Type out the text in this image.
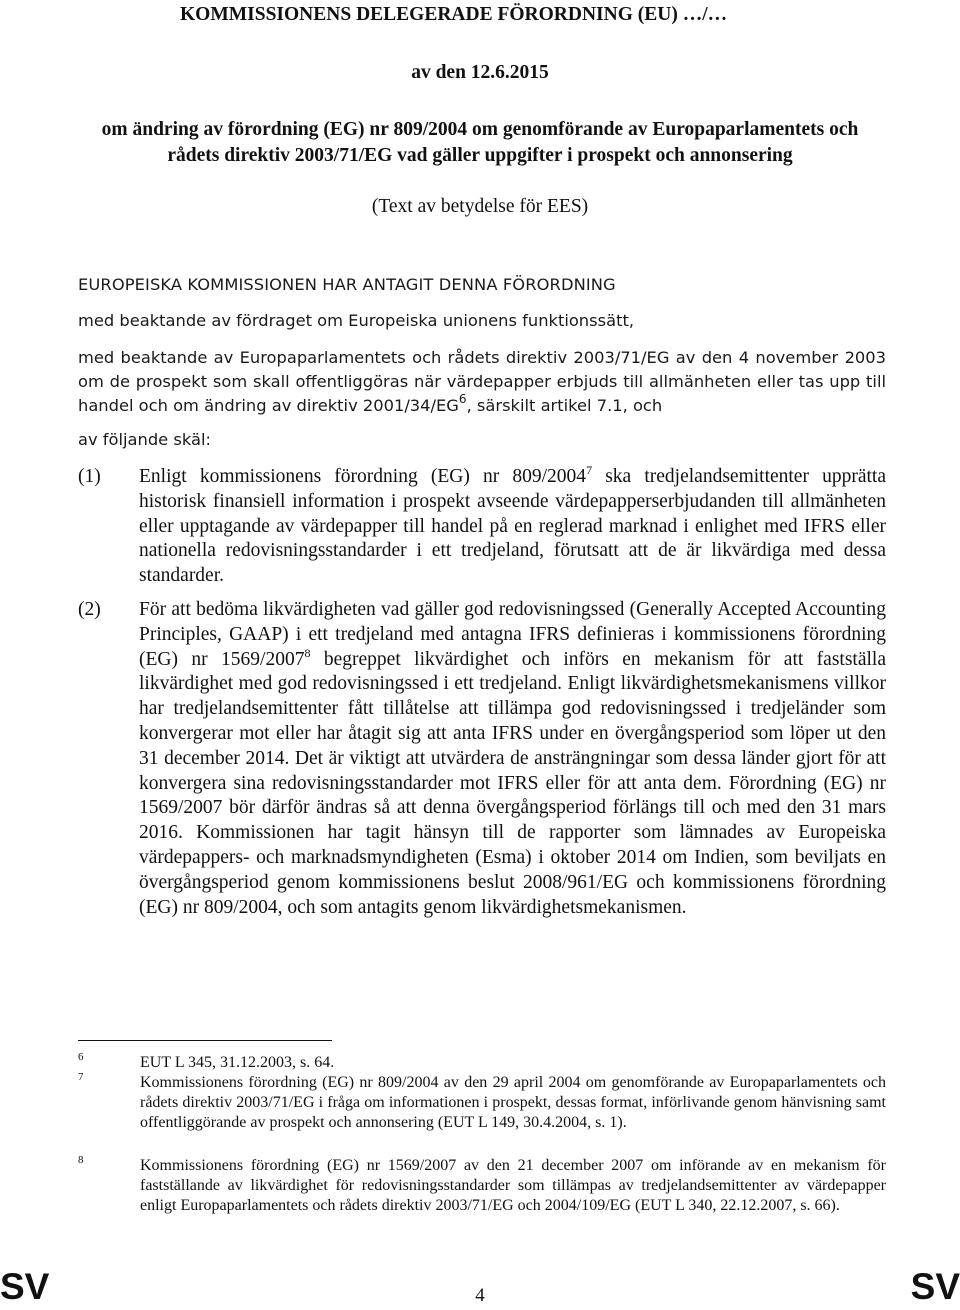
KOMMISSIONENS DELEGERADE FÖRORDNING (EU) …/…
av den 12.6.2015
om ändring av förordning (EG) nr 809/2004 om genomförande av Europaparlamentets och rådets direktiv 2003/71/EG vad gäller uppgifter i prospekt och annonsering
(Text av betydelse för EES)
EUROPEISKA KOMMISSIONEN HAR ANTAGIT DENNA FÖRORDNING
med beaktande av fördraget om Europeiska unionens funktionssätt,
med beaktande av Europaparlamentets och rådets direktiv 2003/71/EG av den 4 november 2003 om de prospekt som skall offentliggöras när värdepapper erbjuds till allmänheten eller tas upp till handel och om ändring av direktiv $2001/34/EG^6$, särskilt artikel 7.1, och
av följande skäl:
(1) Enligt kommissionens förordning (EG) nr 809/2004$^7$ ska tredjelandsemittenter upprätta historisk finansiell information i prospekt avseende värdepapperserbjudanden till allmänheten eller upptagande av värdepapper till handel på en reglerad marknad i enlighet med IFRS eller nationella redovisningsstandarder i ett tredjeland, förutsatt att de är likvärdiga med dessa standarder.
(2) För att bedöma likvärdigheten vad gäller god redovisningssed (Generally Accepted Accounting Principles, GAAP) i ett tredjeland med antagna IFRS definieras i kommissionens förordning (EG) nr 1569/2007$^8$ begreppet likvärdighet och införs en mekanism för att fastställa likvärdighet med god redovisningssed i ett tredjeland. Enligt likvärdighetsmekanismens villkor har tredjelandsemittenter fått tillåtelse att tillämpa god redovisningssed i tredjeländer som konvergerar mot eller har åtagit sig att anta IFRS under en övergångsperiod som löper ut den 31 december 2014. Det är viktigt att utvärdera de ansträngningar som dessa länder gjort för att konvergera sina redovisningsstandarder mot IFRS eller för att anta dem. Förordning (EG) nr 1569/2007 bör därför ändras så att denna övergångsperiod förlängs till och med den 31 mars 2016. Kommissionen har tagit hänsyn till de rapporter som lämnades av Europeiska värdepappers- och marknadsmyndigheten (Esma) i oktober 2014 om Indien, som beviljats en övergångsperiod genom kommissionens beslut 2008/961/EG och kommissionens förordning (EG) nr 809/2004, och som antagits genom likvärdighetsmekanismen.
6	EUT L 345, 31.12.2003, s. 64.
7	Kommissionens förordning (EG) nr 809/2004 av den 29 april 2004 om genomförande av Europaparlamentets och rådets direktiv 2003/71/EG i fråga om informationen i prospekt, dessas format, införlivande genom hänvisning samt offentliggörande av prospekt och annonsering (EUT L 149, 30.4.2004, s. 1).
8	Kommissionens förordning (EG) nr 1569/2007 av den 21 december 2007 om införande av en mekanism för fastställande av likvärdighet för redovisningsstandarder som tillämpas av tredjelandsemittenter av värdepapper enligt Europaparlamentets och rådets direktiv 2003/71/EG och 2004/109/EG (EUT L 340, 22.12.2007, s. 66).
SV	4	SV
